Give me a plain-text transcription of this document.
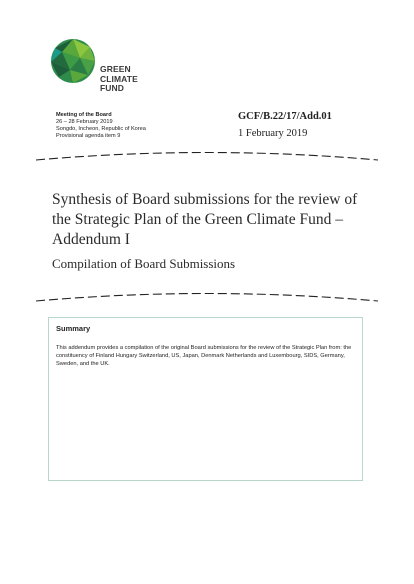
GREEN
CLIMATE
FUND
Meeting of the Board
26 – 28 February 2019
Songdo, Incheon, Republic of Korea
Provisional agenda item 9
GCF/B.22/17/Add.01
1 February 2019
Synthesis of Board submissions for the review of the Strategic Plan of the Green Climate Fund – Addendum I
Compilation of Board Submissions
Summary
This addendum provides a compilation of the original Board submissions for the review of the Strategic Plan from: the constituency of Finland Hungary Switzerland, US, Japan, Denmark Netherlands and Luxembourg, SIDS, Germany, Sweden, and the UK.
